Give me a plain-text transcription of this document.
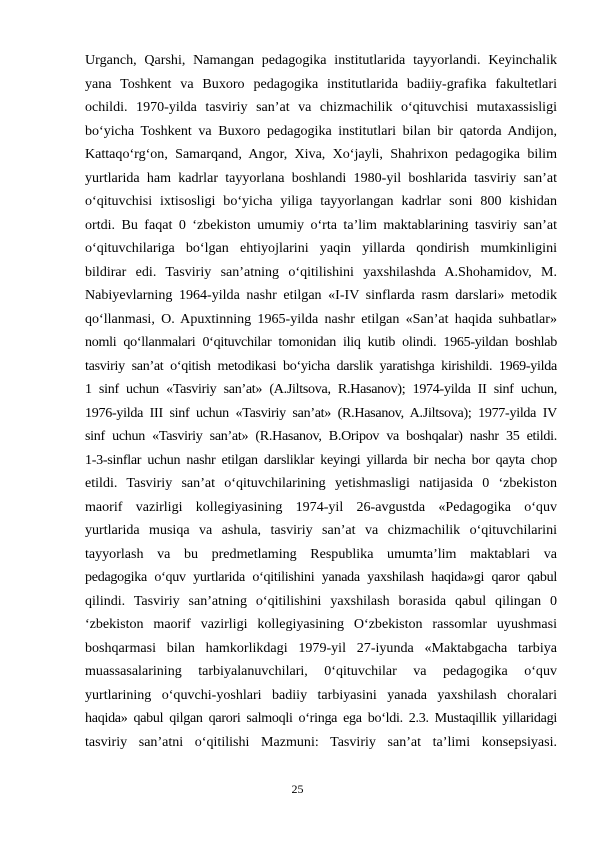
Urganch, Qarshi, Namangan pedagogika institutlarida tayyorlandi. Keyinchalik
yana Toshkent va Buxoro pedagogika institutlarida badiiy-grafika fakultetlari
ochildi. 1970-yilda tasviriy san’at va chizmachilik o‘qituvchisi mutaxassisligi
bo‘yicha Toshkent va Buxoro pedagogika institutlari bilan bir qatorda Andijon,
Kattaqo‘rg‘on, Samarqand, Angor, Xiva, Xo‘jayli, Shahrixon pedagogika bilim
yurtlarida ham kadrlar tayyorlana boshlandi 1980-yil boshlarida tasviriy san’at
o‘qituvchisi ixtisosligi bo‘yicha yiliga tayyorlangan kadrlar soni 800 kishidan
ortdi. Bu faqat 0 ‘zbekiston umumiy o‘rta ta’lim maktablarining tasviriy san’at
o‘qituvchilariga bo‘lgan ehtiyojlarini yaqin yillarda qondirish mumkinligini
bildirar edi. Tasviriy san’atning o‘qitilishini yaxshilashda A.Shohamidov, M.
Nabiyevlarning 1964-yilda nashr etilgan «I-IV sinflarda rasm darslari» metodik
qo‘llanmasi, O. Apuxtinning 1965-yilda nashr etilgan «San’at haqida suhbatlar»
nomli qo‘llanmalari 0‘qituvchilar tomonidan iliq kutib olindi. 1965-yildan boshlab
tasviriy san’at o‘qitish metodikasi bo‘yicha darslik yaratishga kirishildi. 1969-yilda
1 sinf uchun «Tasviriy san’at» (A.Jiltsova, R.Hasanov); 1974-yilda II sinf uchun,
1976-yilda III sinf uchun «Tasviriy san’at» (R.Hasanov, A.Jiltsova); 1977-yilda IV
sinf uchun «Tasviriy san’at» (R.Hasanov, B.Oripov va boshqalar) nashr 35 etildi.
1-3-sinflar uchun nashr etilgan darsliklar keyingi yillarda bir necha bor qayta chop
etildi. Tasviriy san’at o‘qituvchilarining yetishmasligi natijasida 0 ‘zbekiston
maorif vazirligi kollegiyasining 1974-yil 26-avgustda «Pedagogika o‘quv
yurtlarida musiqa va ashula, tasviriy san’at va chizmachilik o‘qituvchilarini
tayyorlash va bu predmetlaming Respublika umumta’lim maktablari va
pedagogika o‘quv yurtlarida o‘qitilishini yanada yaxshilash haqida»gi qaror qabul
qilindi. Tasviriy san’atning o‘qitilishini yaxshilash borasida qabul qilingan 0
‘zbekiston maorif vazirligi kollegiyasining O‘zbekiston rassomlar uyushmasi
boshqarmasi bilan hamkorlikdagi 1979-yil 27-iyunda «Maktabgacha tarbiya
muassasalarining tarbiyalanuvchilari, 0‘qituvchilar va pedagogika o‘quv
yurtlarining o‘quvchi-yoshlari badiiy tarbiyasini yanada yaxshilash choralari
haqida» qabul qilgan qarori salmoqli o‘ringa ega bo‘ldi. 2.3. Mustaqillik yillaridagi
tasviriy san’atni o‘qitilishi Mazmuni: Tasviriy san’at ta’limi konsepsiyasi.
25
